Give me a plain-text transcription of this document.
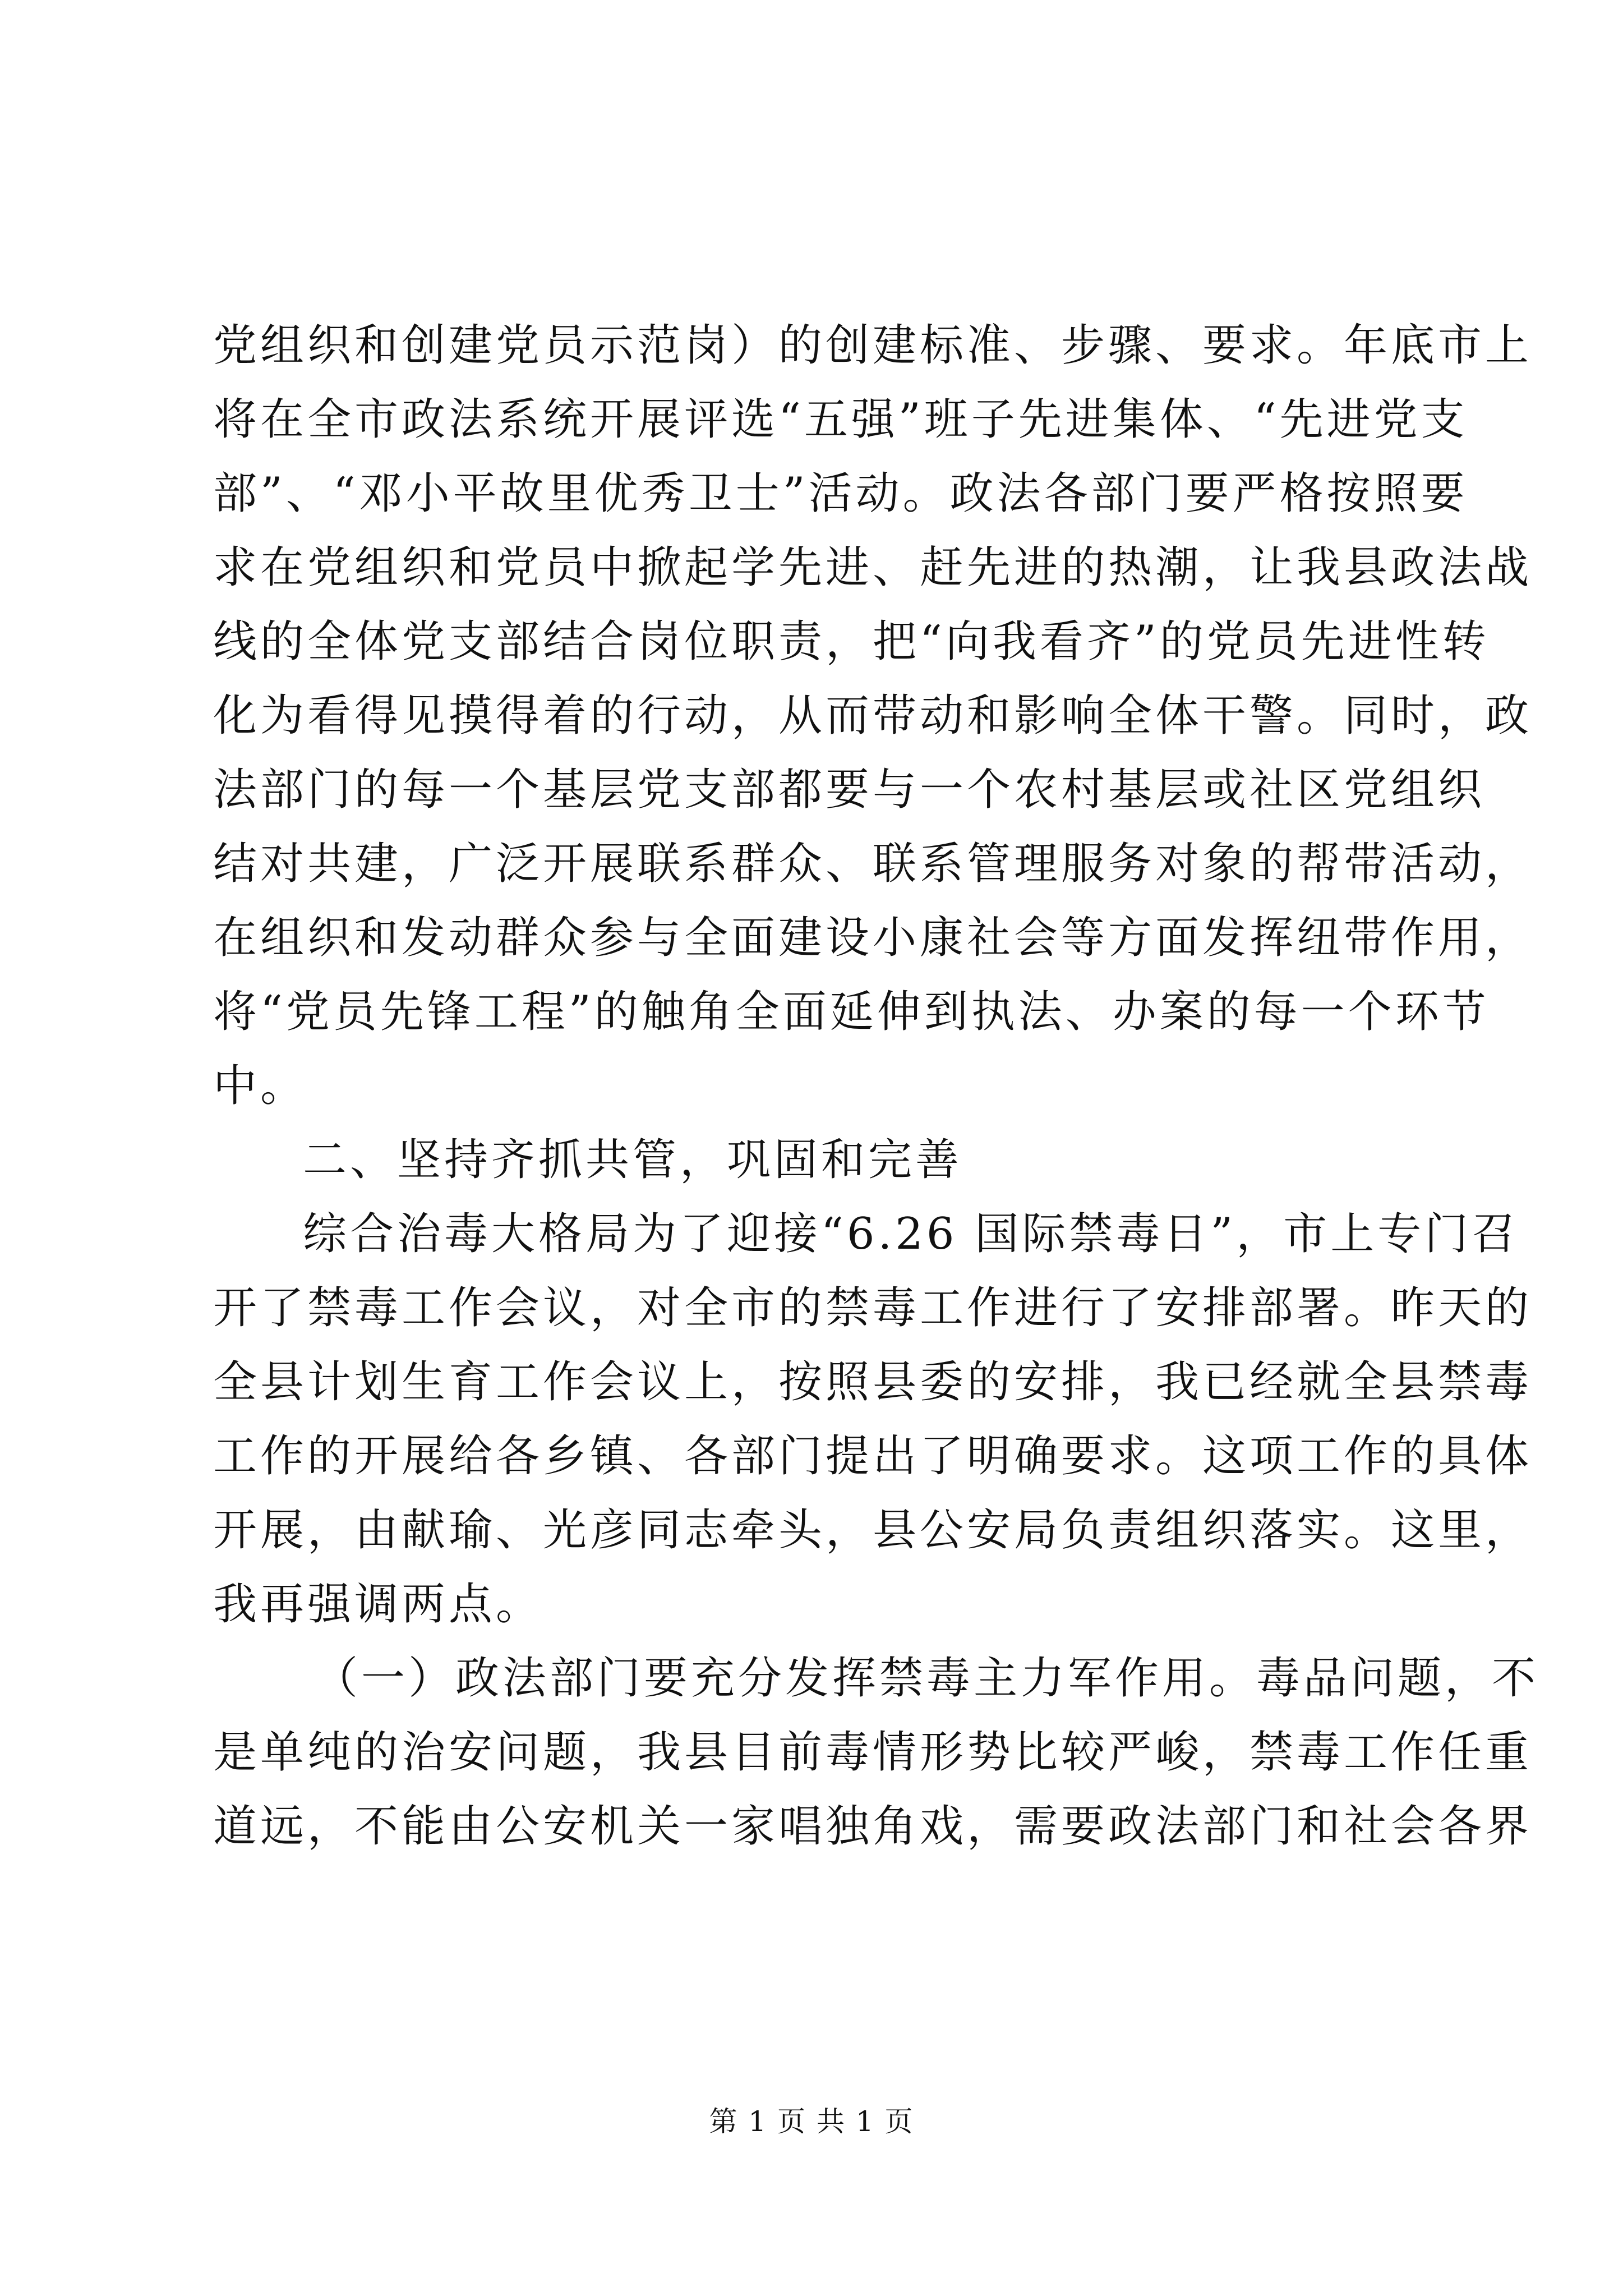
党组织和创建党员示范岗）的创建标准、步骤、要求。年底市上
将在全市政法系统开展评选“五强”班子先进集体、“先进党支
部”、“邓小平故里优秀卫士”活动。政法各部门要严格按照要
求在党组织和党员中掀起学先进、赶先进的热潮，让我县政法战
线的全体党支部结合岗位职责，把“向我看齐”的党员先进性转
化为看得见摸得着的行动，从而带动和影响全体干警。同时，政
法部门的每一个基层党支部都要与一个农村基层或社区党组织
结对共建，广泛开展联系群众、联系管理服务对象的帮带活动，
在组织和发动群众参与全面建设小康社会等方面发挥纽带作用，
将“党员先锋工程”的触角全面延伸到执法、办案的每一个环节
中。
二、坚持齐抓共管，巩固和完善
综合治毒大格局为了迎接“6.26 国际禁毒日”，市上专门召
开了禁毒工作会议，对全市的禁毒工作进行了安排部署。昨天的
全县计划生育工作会议上，按照县委的安排，我已经就全县禁毒
工作的开展给各乡镇、各部门提出了明确要求。这项工作的具体
开展，由献瑜、光彦同志牵头，县公安局负责组织落实。这里，
我再强调两点。
（一）政法部门要充分发挥禁毒主力军作用。毒品问题，不
是单纯的治安问题，我县目前毒情形势比较严峻，禁毒工作任重
道远，不能由公安机关一家唱独角戏，需要政法部门和社会各界
第 1 页 共 1 页
